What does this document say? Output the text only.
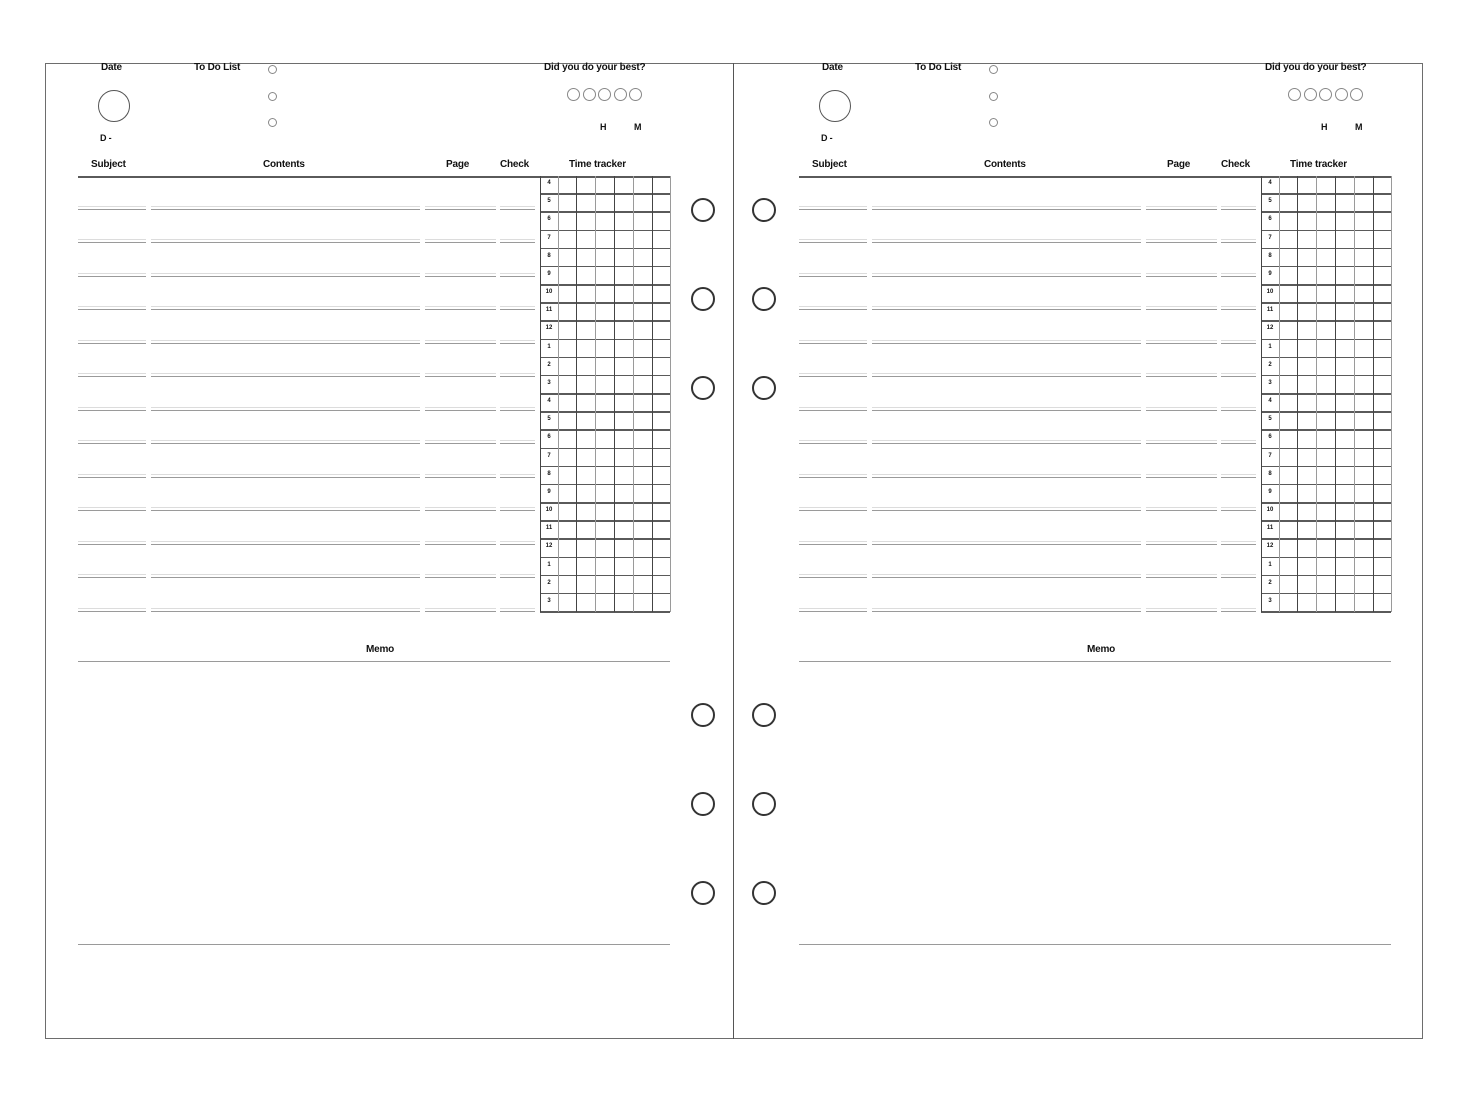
Date
D -
To Do List	Did you do your best?
H	M
Subject	Contents	Page	Check	Time tracker
4
5
6
7
8
9
10
11
12
1
2
3
4
5
6
7
8
9
10
11
12
1
2
3
Memo
Date
D -
To Do List	Did you do your best?
H	M
Subject	Contents	Page	Check	Time tracker
4
5
6
7
8
9
10
11
12
1
2
3
4
5
6
7
8
9
10
11
12
1
2
3
Memo
